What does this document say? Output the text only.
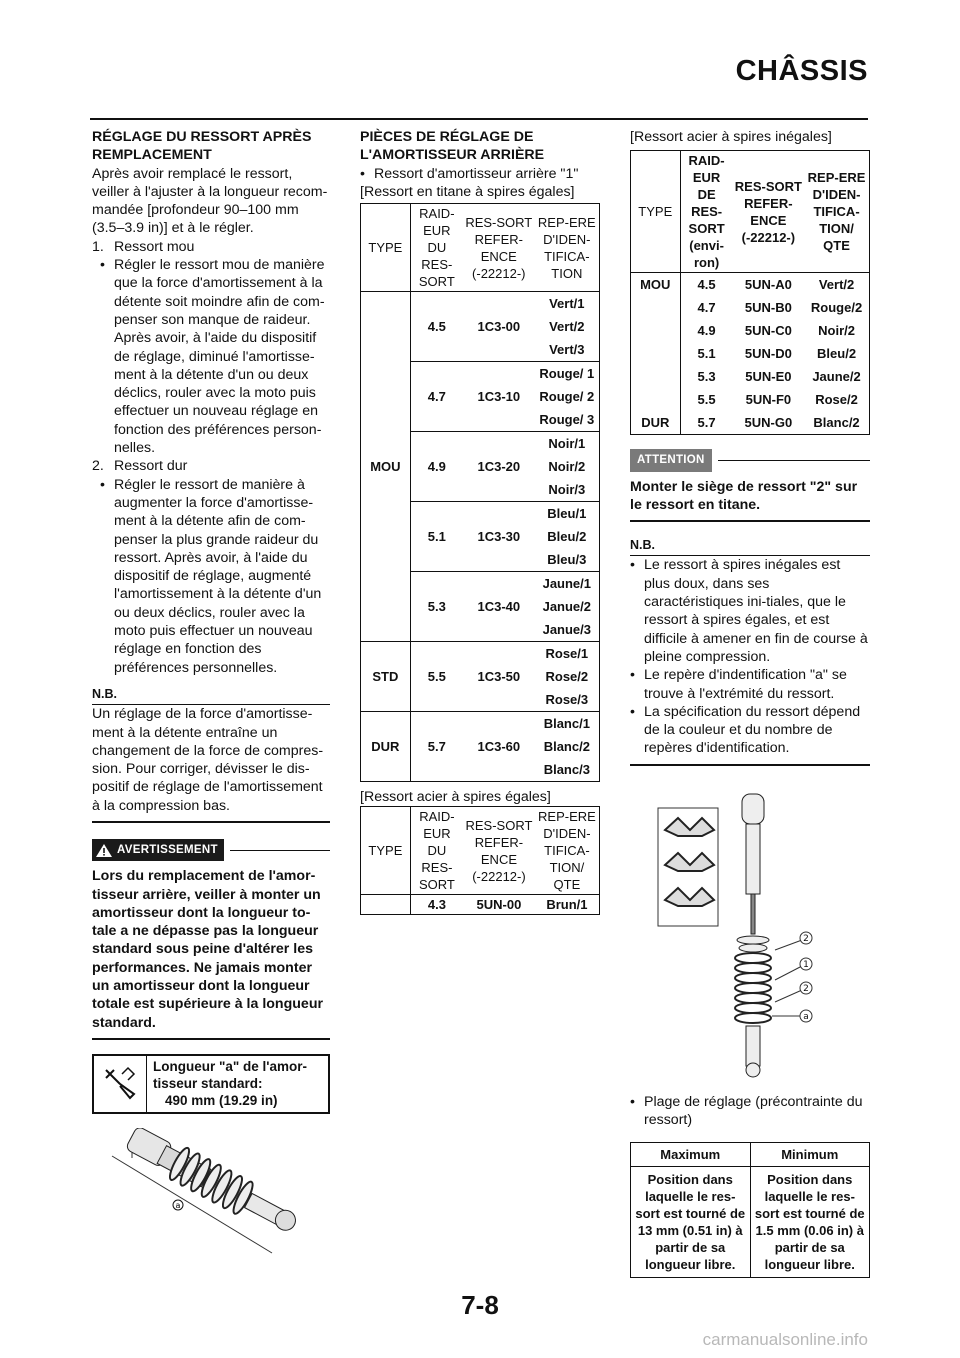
CHÂSSIS

RÉGLAGE DU RESSORT APRÈS REMPLACEMENT

Après avoir remplacé le ressort, veiller à l'ajuster à la longueur recom-mandée [profondeur 90–100 mm (3.5–3.9 in)] et à le régler.

1. Ressort mou
• Régler le ressort mou de manière que la force d'amortissement à la détente soit moindre afin de com-penser son manque de raideur. Après avoir, à l'aide du dispositif de réglage, diminué l'amortisse-ment à la détente d'un ou deux déclics, rouler avec la moto puis effectuer un nouveau réglage en fonction des préférences person-nelles.
2. Ressort dur
• Régler le ressort de manière à augmenter la force d'amortisse-ment à la détente afin de com-penser la plus grande raideur du ressort. Après avoir, à l'aide du dispositif de réglage, augmenté l'amortissement à la détente d'un ou deux déclics, rouler avec la moto puis effectuer un nouveau réglage en fonction des préférences personnelles.
N.B.

Un réglage de la force d'amortisse-ment à la détente entraîne un changement de la force de compres-sion. Pour corriger, dévisser le dis-positif de réglage de l'amortissement à la compression bas.

AVERTISSEMENT

Lors du remplacement de l'amor-tisseur arrière, veiller à monter un amortisseur dont la longueur to-tale a ne dépasse pas la longueur standard sous peine d'altérer les performances. Ne jamais monter un amortisseur dont la longueur totale est supérieure à la longueur standard.

Longueur "a" de l'amor-
tisseur standard:
490 mm (19.29 in)
a

PIÈCES DE RÉGLAGE DE L'AMORTISSEUR ARRIÈRE

• Ressort d'amortisseur arrière "1"

[Ressort en titane à spires égales]

TYPE	RAID-EUR DU RES-SORT	RES-SORT REFER-ENCE (-22212-)	REP-ERE D'IDEN-TIFICA-TION
MOU	4.5	1C3-00	Vert/1
			Vert/2
			Vert/3
	4.7	1C3-10	Rouge/ 1
			Rouge/ 2
			Rouge/ 3
	4.9	1C3-20	Noir/1
			Noir/2
			Noir/3
	5.1	1C3-30	Bleu/1
			Bleu/2
			Bleu/3
	5.3	1C3-40	Jaune/1
			Janue/2
			Janue/3
STD	5.5	1C3-50	Rose/1
			Rose/2
			Rose/3
DUR	5.7	1C3-60	Blanc/1
			Blanc/2
			Blanc/3

[Ressort acier à spires égales]

TYPE	RAID-EUR DU RES-SORT	RES-SORT REFER-ENCE (-22212-)	REP-ERE D'IDEN-TIFICA-TION/ QTE
	4.3	5UN-00	Brun/1

[Ressort acier à spires inégales]

TYPE	RAID-EUR DE RES-SORT (envi-ron)	RES-SORT REFER-ENCE (-22212-)	REP-ERE D'IDEN-TIFICA-TION/ QTE
MOU	4.5	5UN-A0	Vert/2
	4.7	5UN-B0	Rouge/2
	4.9	5UN-C0	Noir/2
	5.1	5UN-D0	Bleu/2
	5.3	5UN-E0	Jaune/2
	5.5	5UN-F0	Rose/2
DUR	5.7	5UN-G0	Blanc/2
ATTENTION

Monter le siège de ressort "2" sur le ressort en titane.

N.B.
• Le ressort à spires inégales est plus doux, dans ses caractéristiques ini-tiales, que le ressort à spires égales, et est difficile à amener en fin de course à pleine compression.
• Le repère d'indentification "a" se trouve à l'extrémité du ressort.
• La spécification du ressort dépend de la couleur et du nombre de repères d'identification.
2
1
2
a
• Plage de réglage (précontrainte du ressort)
Maximum	Minimum
Position dans laquelle le res-sort est tourné de 13 mm (0.51 in) à partir de sa longueur libre.	Position dans laquelle le res-sort est tourné de 1.5 mm (0.06 in) à partir de sa longueur libre.
7-8
carmanualsonline.info
